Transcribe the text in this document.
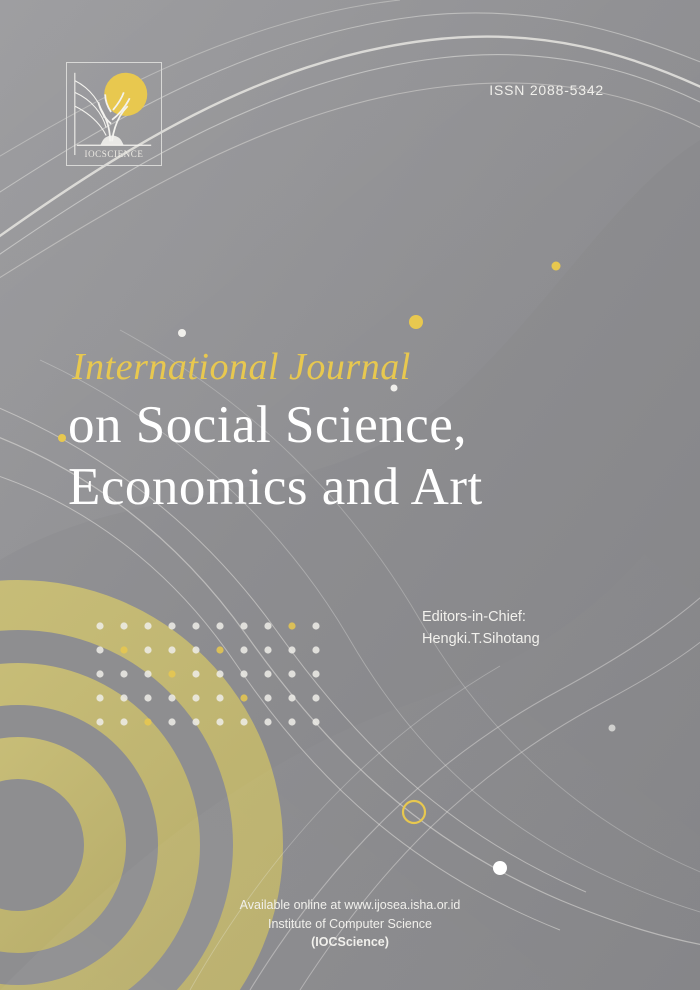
IOCSCIENCE
ISSN 2088-5342
International Journal
on Social Science,
Economics and Art
Editors-in-Chief:
Hengki.T.Sihotang
Available online at www.ijosea.isha.or.id
Institute of Computer Science
(IOCScience)
